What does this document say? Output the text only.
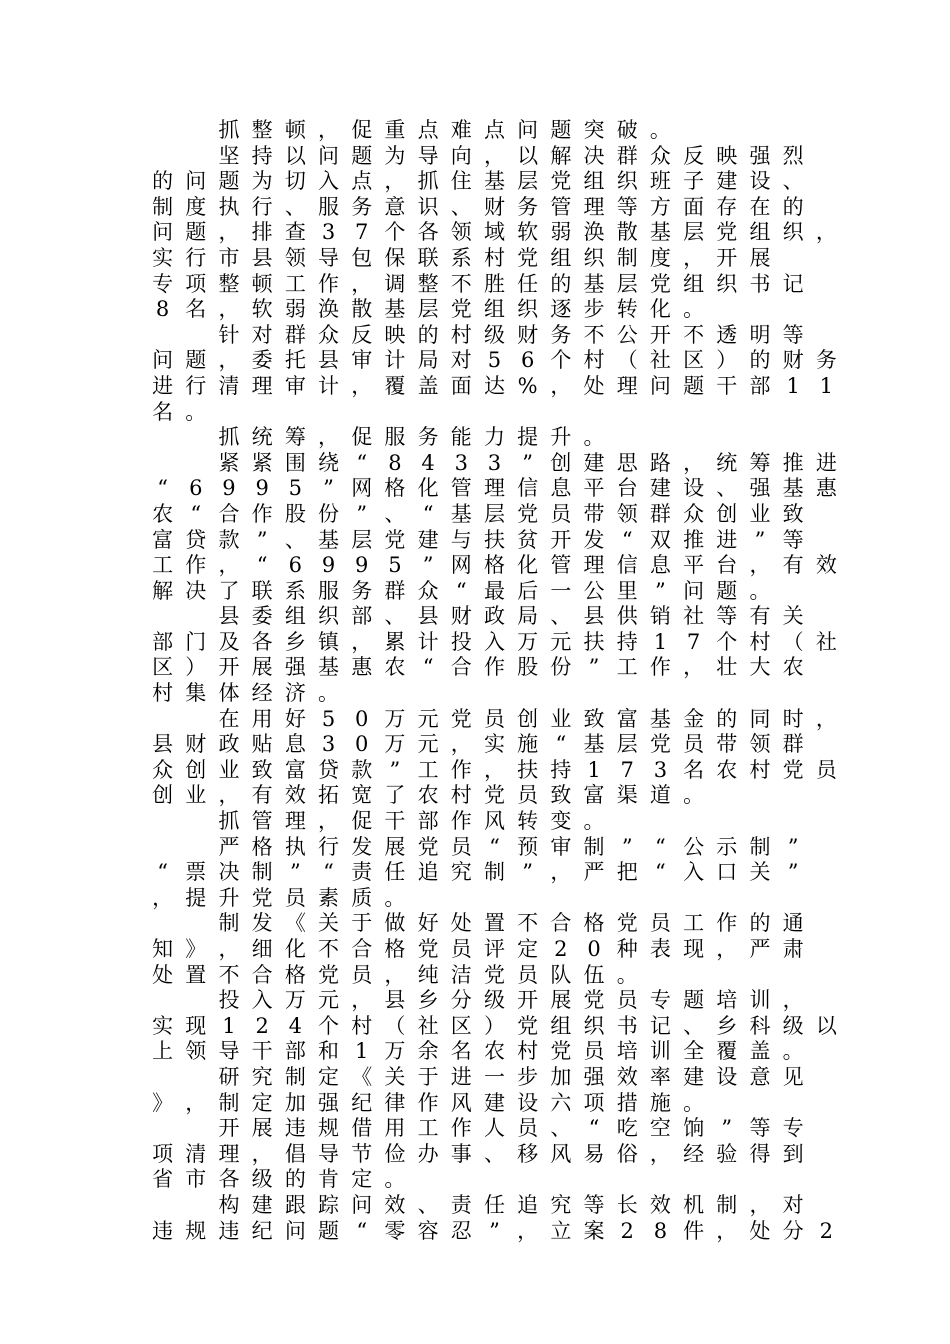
　　抓 整 顿 ， 促 重 点 难 点 问 题 突 破 。
　　坚 持 以 问 题 为 导 向 ， 以 解 决 群 众 反 映 强 烈
的 问 题 为 切 入 点 ， 抓 住 基 层 党 组 织 班 子 建 设 、
制 度 执 行 、 服 务 意 识 、 财 务 管 理 等 方 面 存 在 的
问 题 ， 排 查 3 7 个 各 领 域 软 弱 涣 散 基 层 党 组 织 ，
实 行 市 县 领 导 包 保 联 系 村 党 组 织 制 度 ， 开 展
专 项 整 顿 工 作 ， 调 整 不 胜 任 的 基 层 党 组 织 书 记
8 名 ， 软 弱 涣 散 基 层 党 组 织 逐 步 转 化 。
　　针 对 群 众 反 映 的 村 级 财 务 不 公 开 不 透 明 等
问 题 ， 委 托 县 审 计 局 对 5 6 个 村 （ 社 区 ） 的 财 务
进 行 清 理 审 计 ， 覆 盖 面 达 % ， 处 理 问 题 干 部 1 1
名 。
　　抓 统 筹 ， 促 服 务 能 力 提 升 。
　　紧 紧 围 绕 “ 8 4 3 3 ” 创 建 思 路 ， 统 筹 推 进
“ 6 9 9 5 ” 网 格 化 管 理 信 息 平 台 建 设 、 强 基 惠
农 “ 合 作 股 份 ” 、 “ 基 层 党 员 带 领 群 众 创 业 致
富 贷 款 ” 、 基 层 党 建 与 扶 贫 开 发 “ 双 推 进 ” 等
工 作 ， “ 6 9 9 5 ” 网 格 化 管 理 信 息 平 台 ， 有 效
解 决 了 联 系 服 务 群 众 “ 最 后 一 公 里 ” 问 题 。
　　县 委 组 织 部 、 县 财 政 局 、 县 供 销 社 等 有 关
部 门 及 各 乡 镇 ， 累 计 投 入 万 元 扶 持 1 7 个 村 （ 社
区 ） 开 展 强 基 惠 农 “ 合 作 股 份 ” 工 作 ， 壮 大 农
村 集 体 经 济 。
　　在 用 好 5 0 万 元 党 员 创 业 致 富 基 金 的 同 时 ，
县 财 政 贴 息 3 0 万 元 ， 实 施 “ 基 层 党 员 带 领 群
众 创 业 致 富 贷 款 ” 工 作 ， 扶 持 1 7 3 名 农 村 党 员
创 业 ， 有 效 拓 宽 了 农 村 党 员 致 富 渠 道 。
　　抓 管 理 ， 促 干 部 作 风 转 变 。
　　严 格 执 行 发 展 党 员 “ 预 审 制 ” “ 公 示 制 ”
“ 票 决 制 ” “ 责 任 追 究 制 ” ， 严 把 “ 入 口 关 ”
， 提 升 党 员 素 质 。
　　制 发 《 关 于 做 好 处 置 不 合 格 党 员 工 作 的 通
知 》 ， 细 化 不 合 格 党 员 评 定 2 0 种 表 现 ， 严 肃
处 置 不 合 格 党 员 ， 纯 洁 党 员 队 伍 。
　　投 入 万 元 ， 县 乡 分 级 开 展 党 员 专 题 培 训 ，
实 现 1 2 4 个 村 （ 社 区 ） 党 组 织 书 记 、 乡 科 级 以
上 领 导 干 部 和 1 万 余 名 农 村 党 员 培 训 全 覆 盖 。
　　研 究 制 定 《 关 于 进 一 步 加 强 效 率 建 设 意 见
》 ， 制 定 加 强 纪 律 作 风 建 设 六 项 措 施 。
　　开 展 违 规 借 用 工 作 人 员 、 “ 吃 空 饷 ” 等 专
项 清 理 ， 倡 导 节 俭 办 事 、 移 风 易 俗 ， 经 验 得 到
省 市 各 级 的 肯 定 。
　　构 建 跟 踪 问 效 、 责 任 追 究 等 长 效 机 制 ， 对
违 规 违 纪 问 题 “ 零 容 忍 ” ， 立 案 2 8 件 ， 处 分 2
